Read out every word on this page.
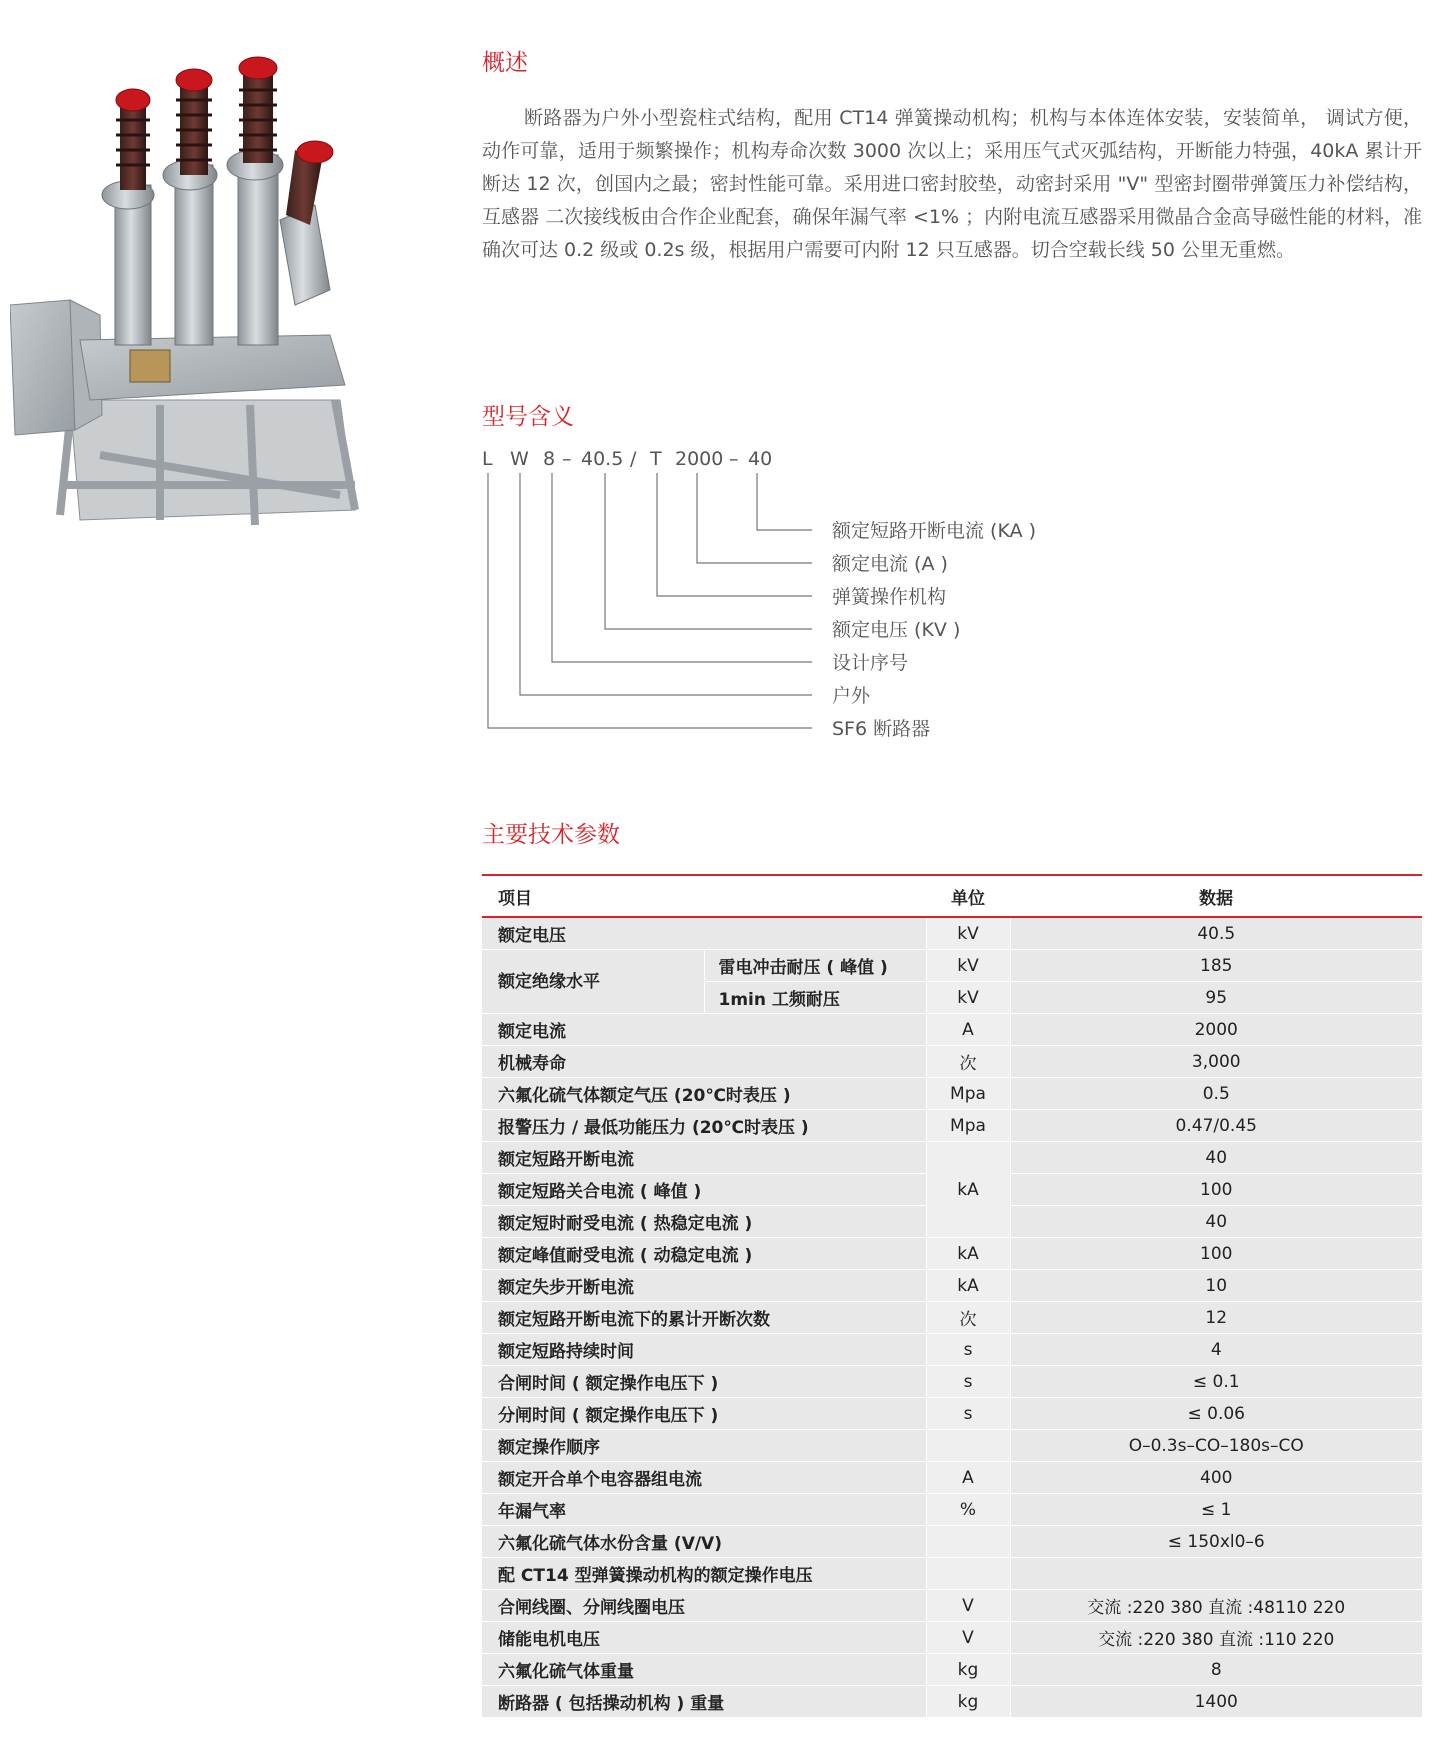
概述

断路器为户外小型瓷柱式结构，配用 CT14 弹簧操动机构；机构与本体连体安装，安装简单， 调试方便，动作可靠，适用于频繁操作；机构寿命次数 3000 次以上；采用压气式灭弧结构，开断能力特强，40kA 累计开断达 12 次，创国内之最；密封性能可靠。采用进口密封胶垫，动密封采用 "V" 型密封圈带弹簧压力补偿结构，互感器 二次接线板由合作企业配套，确保年漏气率 <1% ；内附电流互感器采用微晶合金高导磁性能的材料，准确次可达 0.2 级或 0.2s 级，根据用户需要可内附 12 只互感器。切合空载长线 50 公里无重燃。

型号含义
L W 8 – 40.5 / T 2000 – 40
额定短路开断电流 (KA )
额定电流 (A )
弹簧操作机构
额定电压 (KV )
设计序号
户外
SF6 断路器
主要技术参数
项目		单位	数据
额定电压		kV	40.5
额定绝缘水平	雷电冲击耐压 ( 峰值 )	kV	185
	1min 工频耐压	kV	95
额定电流		A	2000
机械寿命		次	3,000
六氟化硫气体额定气压 (20℃时表压 )		Mpa	0.5
报警压力 / 最低功能压力 (20℃时表压 )		Mpa	0.47/0.45
额定短路开断电流		kA	40
额定短路关合电流 ( 峰值 )			100
额定短时耐受电流 ( 热稳定电流 )			40
额定峰值耐受电流 ( 动稳定电流 )		kA	100
额定失步开断电流		kA	10
额定短路开断电流下的累计开断次数		次	12
额定短路持续时间		s	4
合闸时间 ( 额定操作电压下 )		s	≤ 0.1
分闸时间 ( 额定操作电压下 )		s	≤ 0.06
额定操作顺序			O–0.3s–CO–180s–CO
额定开合单个电容器组电流		A	400
年漏气率		%	≤ 1
六氟化硫气体水份含量 (V/V)			≤ 150xl0–6
配 CT14 型弹簧操动机构的额定操作电压			
合闸线圈、分闸线圈电压		V	交流 :220 380 直流 :48110 220
储能电机电压		V	交流 :220 380 直流 :110 220
六氟化硫气体重量		kg	8
断路器 ( 包括操动机构 ) 重量		kg	1400
